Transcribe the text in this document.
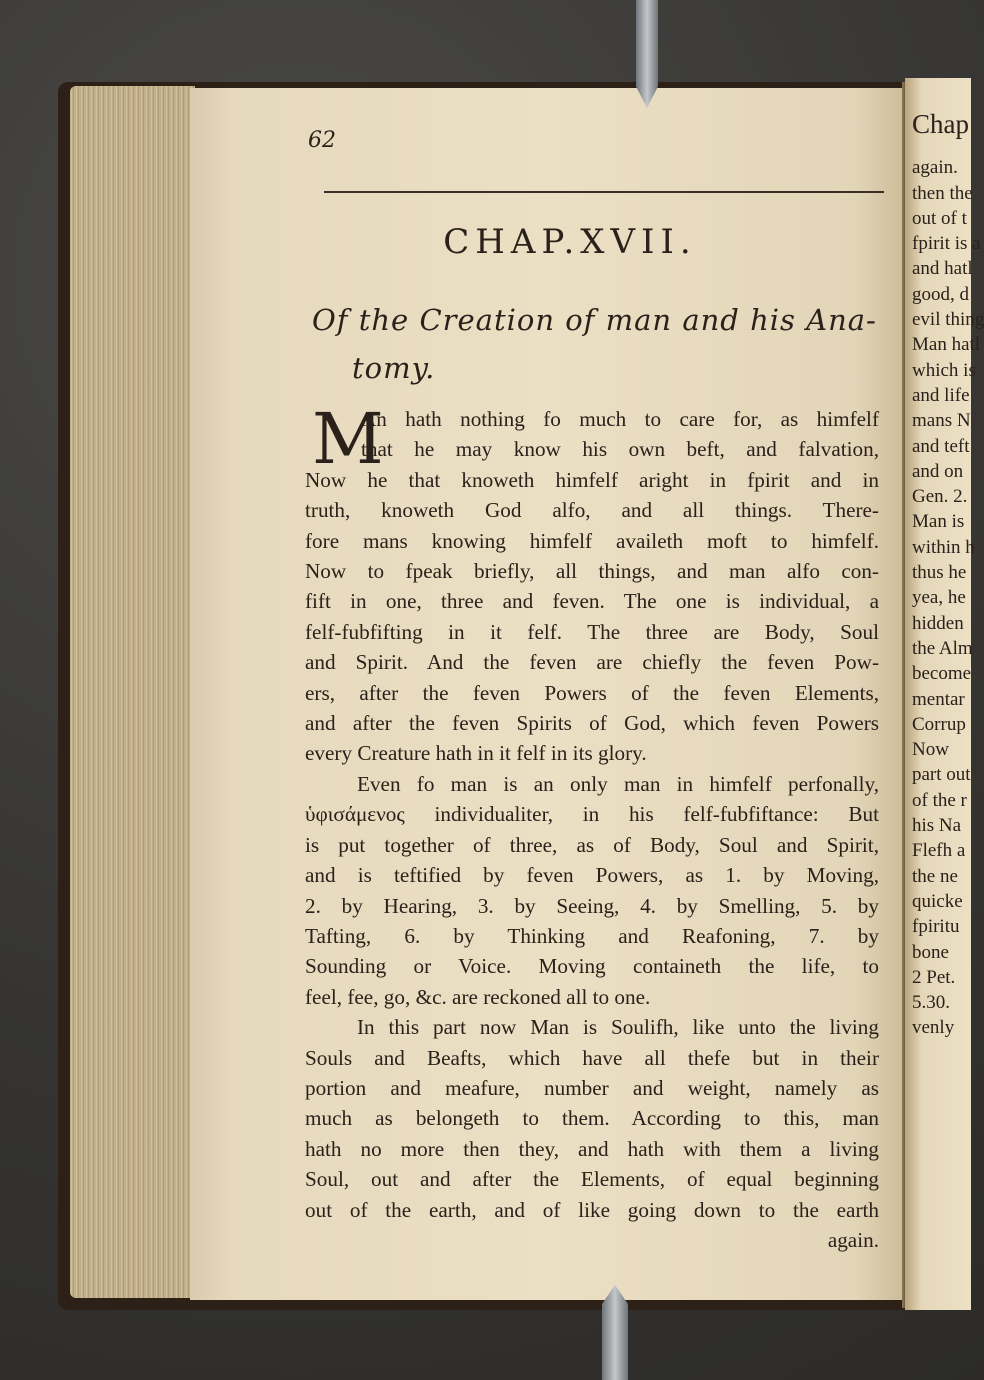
62
CHAP.XVII.
Of the Creation of man and his Ana-
tomy.
M
An hath nothing fo much to care for, as himfelf
that he may know his own beft, and falvation,
Now he that knoweth himfelf aright in fpirit and in
truth, knoweth God alfo, and all things. There-
fore mans knowing himfelf availeth moft to himfelf.
Now to fpeak briefly, all things, and man alfo con-
fift in one, three and feven. The one is individual, a
felf-fubfifting in it felf. The three are Body, Soul
and Spirit. And the feven are chiefly the feven Pow-
ers, after the feven Powers of the feven Elements,
and after the feven Spirits of God, which feven Powers
every Creature hath in it felf in its glory.
Even fo man is an only man in himfelf perfonally,
ὑφισάμενος individualiter, in his felf-fubfiftance: But
is put together of three, as of Body, Soul and Spirit,
and is teftified by feven Powers, as 1. by Moving,
2. by Hearing, 3. by Seeing, 4. by Smelling, 5. by
Tafting, 6. by Thinking and Reafoning, 7. by
Sounding or Voice. Moving containeth the life, to
feel, fee, go, &c. are reckoned all to one.
In this part now Man is Soulifh, like unto the living
Souls and Beafts, which have all thefe but in their
portion and meafure, number and weight, namely as
much as belongeth to them. According to this, man
hath no more then they, and hath with them a living
Soul, out and after the Elements, of equal beginning
out of the earth, and of like going down to the earth
again.
Chap
again.
then the
out of t
fpirit is a
and hatl
good, d
evil thing
Man hatl
which is
and life
mans N
and teft
and on
Gen. 2.
Man is
within h
thus he
yea, he
hidden
the Alm
become
mentar
Corrup
Now
part out
of the r
his Na
Flefh a
the ne
quicke
fpiritu
bone
2 Pet.
5.30.
venly
